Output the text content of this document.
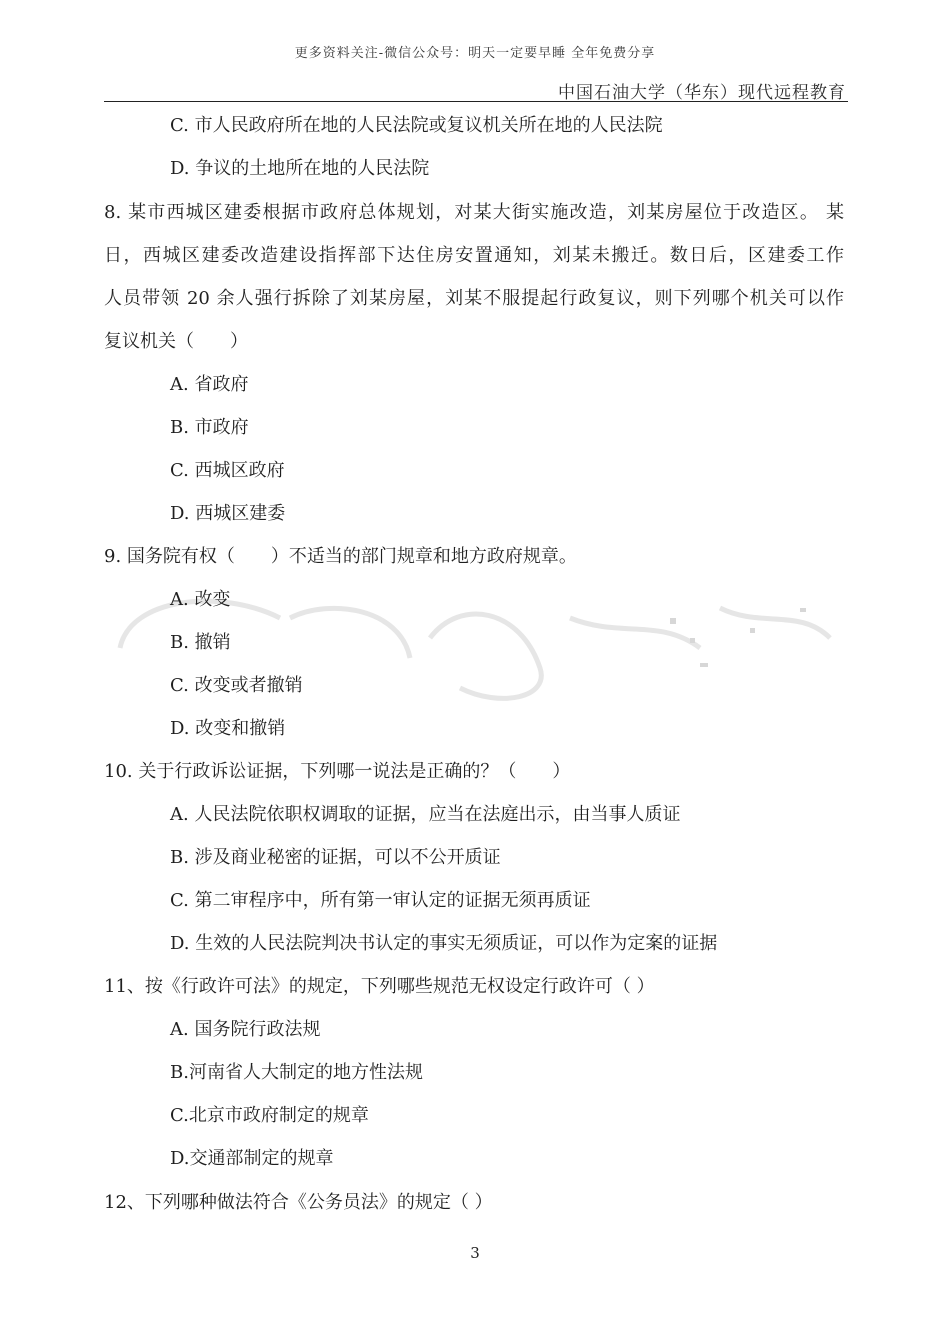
更多资料关注-微信公众号：明天一定要早睡 全年免费分享
中国石油大学（华东）现代远程教育
C. 市人民政府所在地的人民法院或复议机关所在地的人民法院
D. 争议的土地所在地的人民法院
8. 某市西城区建委根据市政府总体规划，对某大街实施改造，刘某房屋位于改造区。 某
日，西城区建委改造建设指挥部下达住房安置通知，刘某未搬迁。数日后，区建委工作
人员带领 20 余人强行拆除了刘某房屋，刘某不服提起行政复议，则下列哪个机关可以作
复议机关（　　）
A. 省政府
B. 市政府
C. 西城区政府
D. 西城区建委
9. 国务院有权（　　）不适当的部门规章和地方政府规章。
A. 改变
B. 撤销
C. 改变或者撤销
D. 改变和撤销
10. 关于行政诉讼证据，下列哪一说法是正确的？（　　）
A. 人民法院依职权调取的证据，应当在法庭出示，由当事人质证
B. 涉及商业秘密的证据，可以不公开质证
C. 第二审程序中，所有第一审认定的证据无须再质证
D. 生效的人民法院判决书认定的事实无须质证，可以作为定案的证据
11、按《行政许可法》的规定，下列哪些规范无权设定行政许可（ ）
A. 国务院行政法规
B.河南省人大制定的地方性法规
C.北京市政府制定的规章
D.交通部制定的规章
12、下列哪种做法符合《公务员法》的规定（ ）
3
